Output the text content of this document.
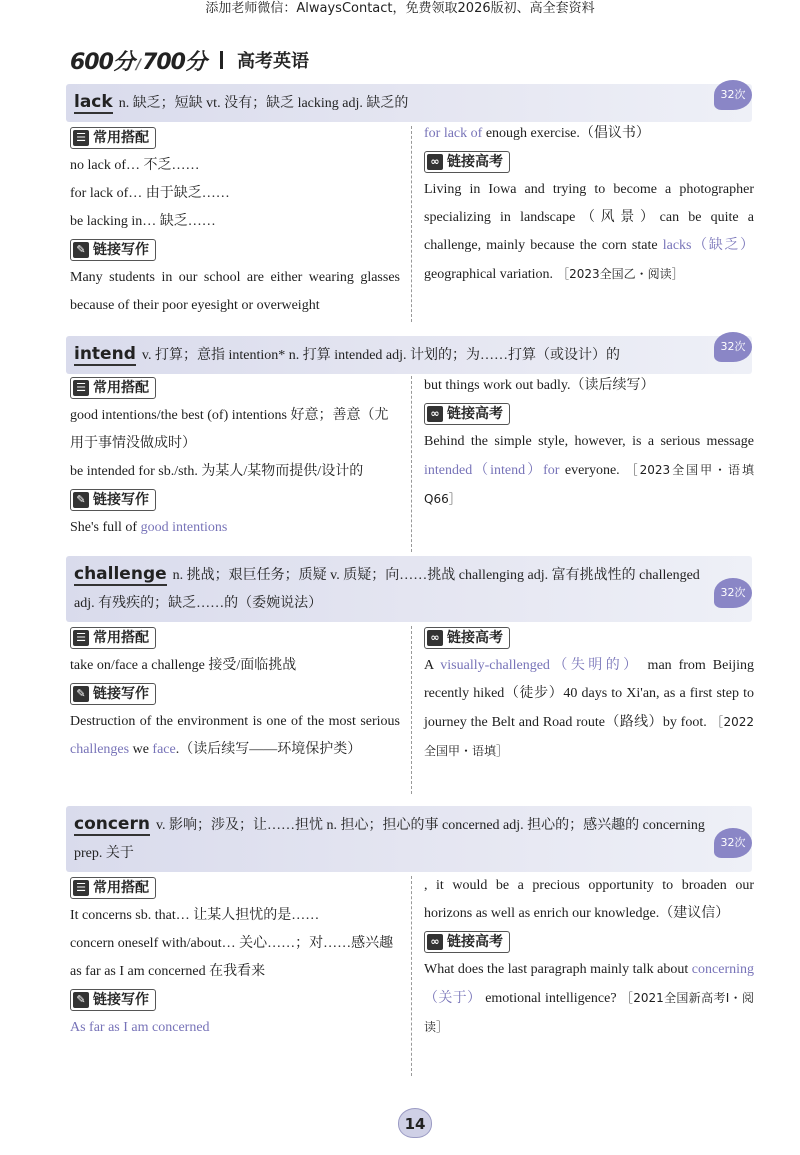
添加老师微信：AlwaysContact，免费领取2026版初、高全套资料
600分 /700分 高考英语
lack n. 缺乏；短缺 vt. 没有；缺乏 lacking adj. 缺乏的
32次
☰ 常用搭配
no lack of… 不乏……
for lack of… 由于缺乏……
be lacking in… 缺乏……
✎ 链接写作
Many students in our school are either wearing glasses because of their poor eyesight or overweight
for lack of enough exercise.（倡议书）
∞ 链接高考
Living in Iowa and trying to become a photographer specializing in landscape（风景）can be quite a challenge, mainly because the corn state lacks（缺乏） geographical variation. ［2023全国乙・阅读］
intend v. 打算；意指 intention* n. 打算 intended adj. 计划的；为……打算（或设计）的
32次
☰ 常用搭配
good intentions/the best (of) intentions 好意；善意（尤用于事情没做成时）
be intended for sb./sth. 为某人/某物而提供/设计的
✎ 链接写作
She's full of good intentions
but things work out badly.（读后续写）
∞ 链接高考
Behind the simple style, however, is a serious message intended（intend）for everyone. ［2023全国甲・语填Q66］
challenge n. 挑战；艰巨任务；质疑 v. 质疑；向……挑战 challenging adj. 富有挑战性的 challenged adj. 有残疾的；缺乏……的（委婉说法）
32次
☰ 常用搭配
take on/face a challenge 接受/面临挑战
✎ 链接写作
Destruction of the environment is one of the most serious challenges we face.（读后续写——环境保护类）
∞ 链接高考
A visually-challenged（失明的） man from Beijing recently hiked（徒步）40 days to Xi'an, as a first step to journey the Belt and Road route（路线）by foot. ［2022全国甲・语填］
concern v. 影响；涉及；让……担忧 n. 担心；担心的事 concerned adj. 担心的；感兴趣的 concerning prep. 关于
32次
☰ 常用搭配
It concerns sb. that… 让某人担忧的是……
concern oneself with/about… 关心……；对……感兴趣
as far as I am concerned 在我看来
✎ 链接写作
As far as I am concerned
, it would be a precious opportunity to broaden our horizons as well as enrich our knowledge.（建议信）
∞ 链接高考
What does the last paragraph mainly talk about concerning（关于） emotional intelligence? ［2021全国新高考Ⅰ・阅读］
14
